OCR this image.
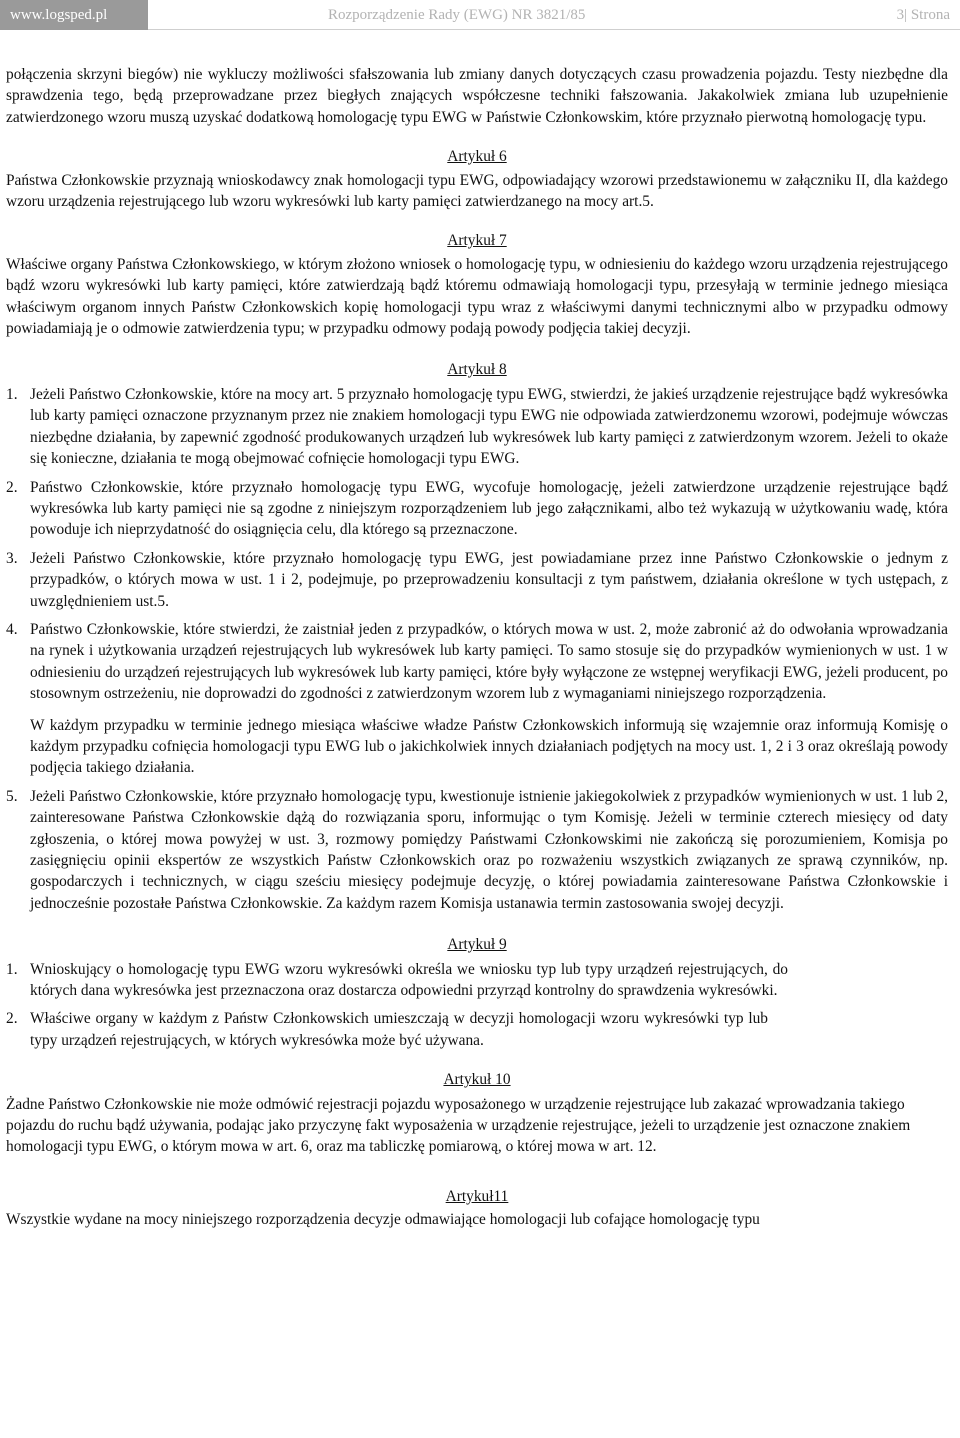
www.logsped.pl	Rozporządzenie Rady (EWG) NR 3821/85	3| Strona

połączenia skrzyni biegów) nie wykluczy możliwości sfałszowania lub zmiany danych dotyczących czasu prowadzenia pojazdu. Testy niezbędne dla sprawdzenia tego, będą przeprowadzane przez biegłych znających współczesne techniki fałszowania. Jakakolwiek zmiana lub uzupełnienie zatwierdzonego wzoru muszą uzyskać dodatkową homologację typu EWG w Państwie Członkowskim, które przyznało pierwotną homologację typu.

Artykuł 6

Państwa Członkowskie przyznają wnioskodawcy znak homologacji typu EWG, odpowiadający wzorowi przedstawionemu w załączniku II, dla każdego wzoru urządzenia rejestrującego lub wzoru wykresówki lub karty pamięci zatwierdzanego na mocy art.5.

Artykuł 7

Właściwe organy Państwa Członkowskiego, w którym złożono wniosek o homologację typu, w odniesieniu do każdego wzoru urządzenia rejestrującego bądź wzoru wykresówki lub karty pamięci, które zatwierdzają bądź któremu odmawiają homologacji typu, przesyłają w terminie jednego miesiąca właściwym organom innych Państw Członkowskich kopię homologacji typu wraz z właściwymi danymi technicznymi albo w przypadku odmowy powiadamiają je o odmowie zatwierdzenia typu; w przypadku odmowy podają powody podjęcia takiej decyzji.

Artykuł 8

1. Jeżeli Państwo Członkowskie, które na mocy art. 5 przyznało homologację typu EWG, stwierdzi, że jakieś urządzenie rejestrujące bądź wykresówka lub karty pamięci oznaczone przyznanym przez nie znakiem homologacji typu EWG nie odpowiada zatwierdzonemu wzorowi, podejmuje wówczas niezbędne działania, by zapewnić zgodność produkowanych urządzeń lub wykresówek lub karty pamięci z zatwierdzonym wzorem. Jeżeli to okaże się konieczne, działania te mogą obejmować cofnięcie homologacji typu EWG.
2. Państwo Członkowskie, które przyznało homologację typu EWG, wycofuje homologację, jeżeli zatwierdzone urządzenie rejestrujące bądź wykresówka lub karty pamięci nie są zgodne z niniejszym rozporządzeniem lub jego załącznikami, albo też wykazują w użytkowaniu wadę, która powoduje ich nieprzydatność do osiągnięcia celu, dla którego są przeznaczone.
3. Jeżeli Państwo Członkowskie, które przyznało homologację typu EWG, jest powiadamiane przez inne Państwo Członkowskie o jednym z przypadków, o których mowa w ust. 1 i 2, podejmuje, po przeprowadzeniu konsultacji z tym państwem, działania określone w tych ustępach, z uwzględnieniem ust.5.
4. Państwo Członkowskie, które stwierdzi, że zaistniał jeden z przypadków, o których mowa w ust. 2, może zabronić aż do odwołania wprowadzania na rynek i użytkowania urządzeń rejestrujących lub wykresówek lub karty pamięci. To samo stosuje się do przypadków wymienionych w ust. 1 w odniesieniu do urządzeń rejestrujących lub wykresówek lub karty pamięci, które były wyłączone ze wstępnej weryfikacji EWG, jeżeli producent, po stosownym ostrzeżeniu, nie doprowadzi do zgodności z zatwierdzonym wzorem lub z wymaganiami niniejszego rozporządzenia.

W każdym przypadku w terminie jednego miesiąca właściwe władze Państw Członkowskich informują się wzajemnie oraz informują Komisję o każdym przypadku cofnięcia homologacji typu EWG lub o jakichkolwiek innych działaniach podjętych na mocy ust. 1, 2 i 3 oraz określają powody podjęcia takiego działania.

5. Jeżeli Państwo Członkowskie, które przyznało homologację typu, kwestionuje istnienie jakiegokolwiek z przypadków wymienionych w ust. 1 lub 2, zainteresowane Państwa Członkowskie dążą do rozwiązania sporu, informując o tym Komisję. Jeżeli w terminie czterech miesięcy od daty zgłoszenia, o której mowa powyżej w ust. 3, rozmowy pomiędzy Państwami Członkowskimi nie zakończą się porozumieniem, Komisja po zasięgnięciu opinii ekspertów ze wszystkich Państw Członkowskich oraz po rozważeniu wszystkich związanych ze sprawą czynników, np. gospodarczych i technicznych, w ciągu sześciu miesięcy podejmuje decyzję, o której powiadamia zainteresowane Państwa Członkowskie i jednocześnie pozostałe Państwa Członkowskie. Za każdym razem Komisja ustanawia termin zastosowania swojej decyzji.

Artykuł 9

1. Wnioskujący o homologację typu EWG wzoru wykresówki określa we wniosku typ lub typy urządzeń rejestrujących, do których dana wykresówka jest przeznaczona oraz dostarcza odpowiedni przyrząd kontrolny do sprawdzenia wykresówki.
2. Właściwe organy w każdym z Państw Członkowskich umieszczają w decyzji homologacji wzoru wykresówki typ lub typy urządzeń rejestrujących, w których wykresówka może być używana.

Artykuł 10

Żadne Państwo Członkowskie nie może odmówić rejestracji pojazdu wyposażonego w urządzenie rejestrujące lub zakazać wprowadzania takiego pojazdu do ruchu bądź używania, podając jako przyczynę fakt wyposażenia w urządzenie rejestrujące, jeżeli to urządzenie jest oznaczone znakiem homologacji typu EWG, o którym mowa w art. 6, oraz ma tabliczkę pomiarową, o której mowa w art. 12.

Artykuł11

Wszystkie wydane na mocy niniejszego rozporządzenia decyzje odmawiające homologacji lub cofające homologację typu
